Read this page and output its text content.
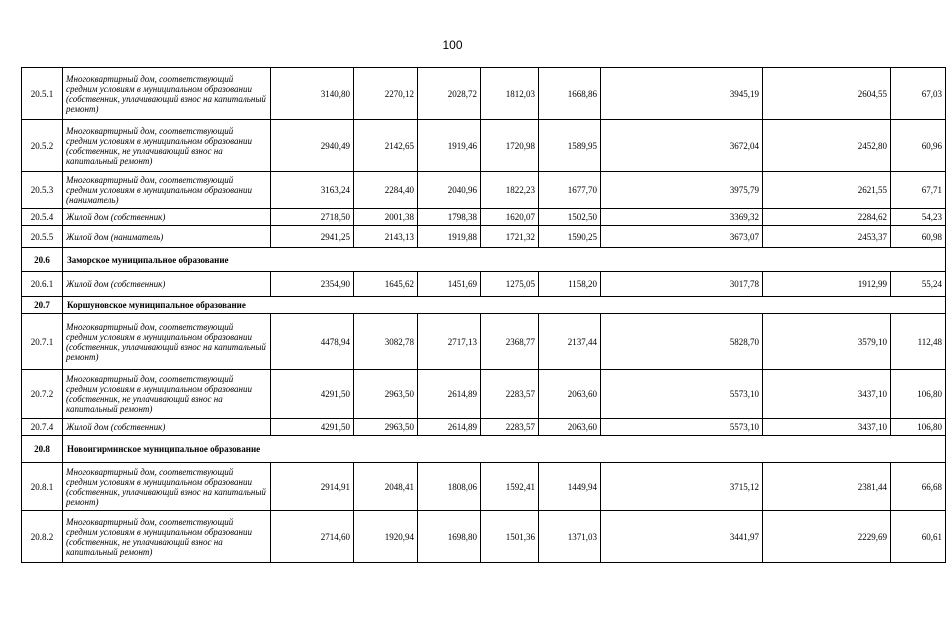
100
20.5.1	Многоквартирный дом, соответствующий средним условиям в муниципальном образовании (собственник, уплачивающий взнос на капитальный ремонт)	3140,80	2270,12	2028,72	1812,03	1668,86	3945,19	2604,55	67,03
20.5.2	Многоквартирный дом, соответствующий средним условиям в муниципальном образовании (собственник, не уплачивающий взнос на капитальный ремонт)	2940,49	2142,65	1919,46	1720,98	1589,95	3672,04	2452,80	60,96
20.5.3	Многоквартирный дом, соответствующий средним условиям в муниципальном образовании (наниматель)	3163,24	2284,40	2040,96	1822,23	1677,70	3975,79	2621,55	67,71
20.5.4	Жилой дом (собственник)	2718,50	2001,38	1798,38	1620,07	1502,50	3369,32	2284,62	54,23
20.5.5	Жилой дом (наниматель)	2941,25	2143,13	1919,88	1721,32	1590,25	3673,07	2453,37	60,98
20.6	Заморское муниципальное образование								
20.6.1	Жилой дом (собственник)	2354,90	1645,62	1451,69	1275,05	1158,20	3017,78	1912,99	55,24
20.7	Коршуновское муниципальное образование								
20.7.1	Многоквартирный дом, соответствующий средним условиям в муниципальном образовании (собственник, уплачивающий взнос на капитальный ремонт)	4478,94	3082,78	2717,13	2368,77	2137,44	5828,70	3579,10	112,48
20.7.2	Многоквартирный дом, соответствующий средним условиям в муниципальном образовании (собственник, не уплачивающий взнос на капитальный ремонт)	4291,50	2963,50	2614,89	2283,57	2063,60	5573,10	3437,10	106,80
20.7.4	Жилой дом (собственник)	4291,50	2963,50	2614,89	2283,57	2063,60	5573,10	3437,10	106,80
20.8	Новоигирминское муниципальное образование								
20.8.1	Многоквартирный дом, соответствующий средним условиям в муниципальном образовании (собственник, уплачивающий взнос на капитальный ремонт)	2914,91	2048,41	1808,06	1592,41	1449,94	3715,12	2381,44	66,68
20.8.2	Многоквартирный дом, соответствующий средним условиям в муниципальном образовании (собственник, не уплачивающий взнос на капитальный ремонт)	2714,60	1920,94	1698,80	1501,36	1371,03	3441,97	2229,69	60,61
